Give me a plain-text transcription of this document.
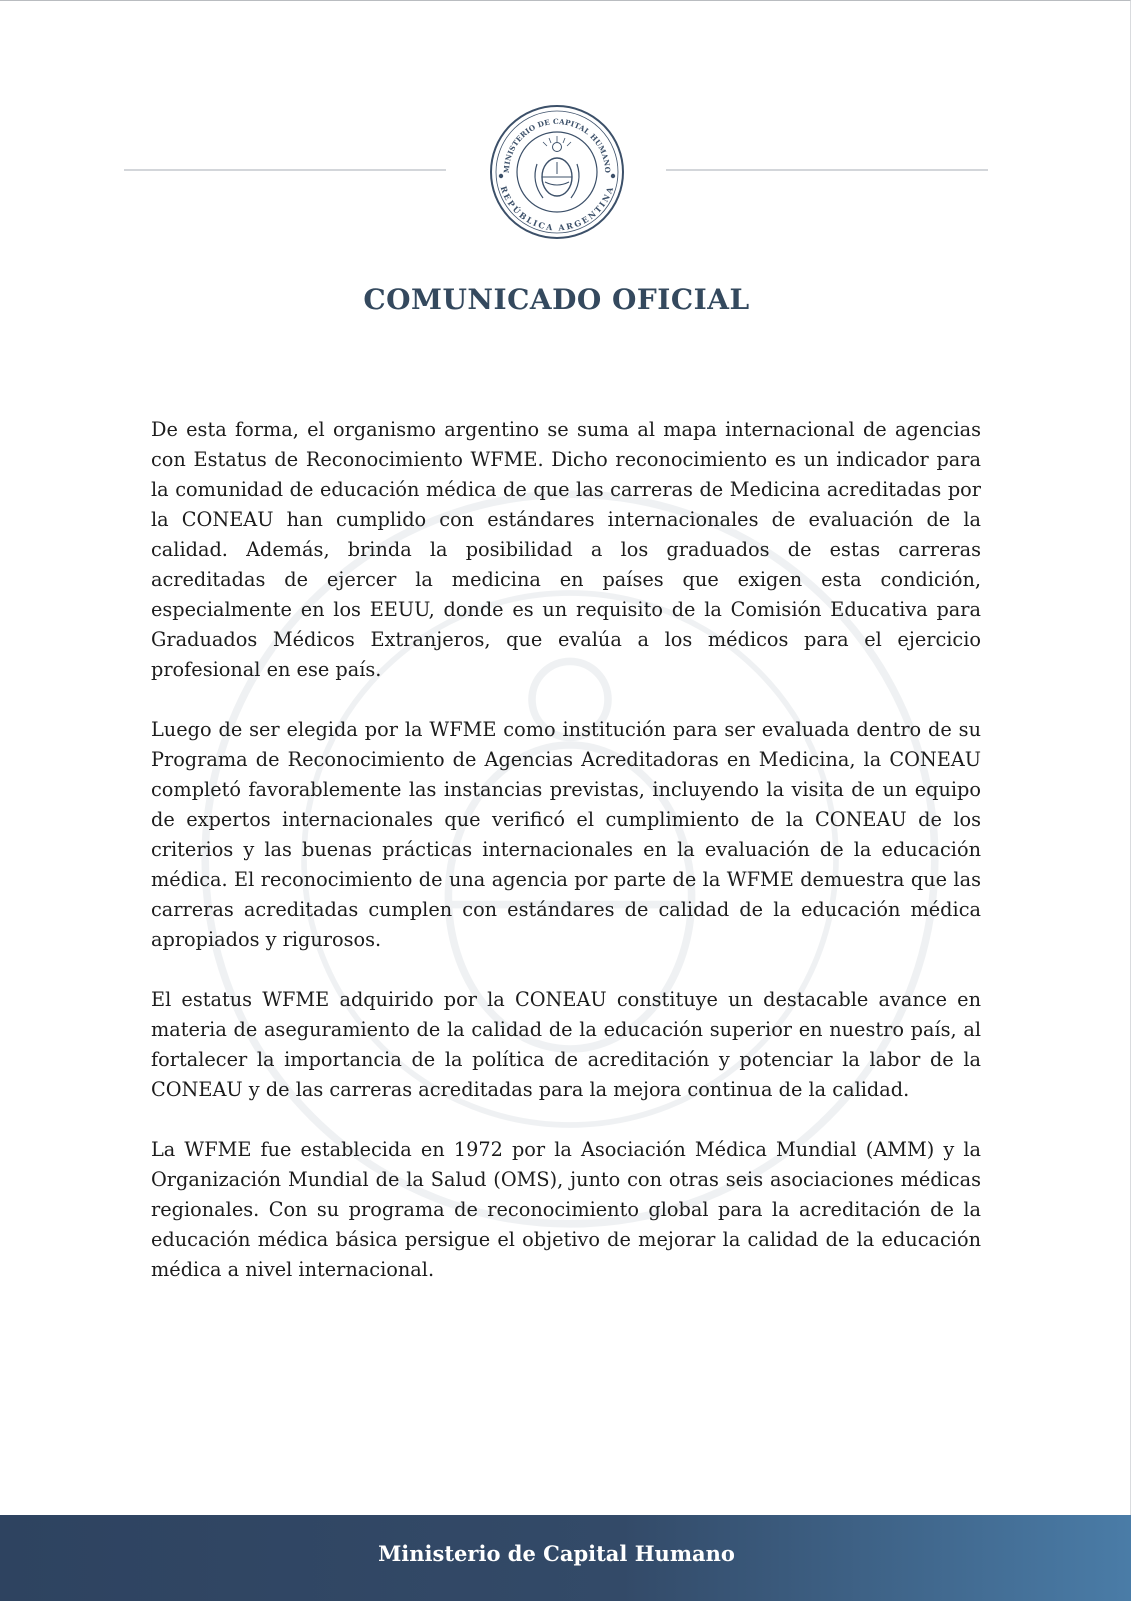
MINISTERIO DE CAPITAL HUMANO
REPÚBLICA ARGENTINA
COMUNICADO OFICIAL

De esta forma, el organismo argentino se suma al mapa internacional de agencias con Estatus de Reconocimiento WFME. Dicho reconocimiento es un indicador para la comunidad de educación médica de que las carreras de Medicina acreditadas por la CONEAU han cumplido con estándares internacionales de evaluación de la calidad. Además, brinda la posibilidad a los graduados de estas carreras acreditadas de ejercer la medicina en países que exigen esta condición, especialmente en los EEUU, donde es un requisito de la Comisión Educativa para Graduados Médicos Extranjeros, que evalúa a los médicos para el ejercicio profesional en ese país.

Luego de ser elegida por la WFME como institución para ser evaluada dentro de su Programa de Reconocimiento de Agencias Acreditadoras en Medicina, la CONEAU completó favorablemente las instancias previstas, incluyendo la visita de un equipo de expertos internacionales que verificó el cumplimiento de la CONEAU de los criterios y las buenas prácticas internacionales en la evaluación de la educación médica. El reconocimiento de una agencia por parte de la WFME demuestra que las carreras acreditadas cumplen con estándares de calidad de la educación médica apropiados y rigurosos.

El estatus WFME adquirido por la CONEAU constituye un destacable avance en materia de aseguramiento de la calidad de la educación superior en nuestro país, al fortalecer la importancia de la política de acreditación y potenciar la labor de la CONEAU y de las carreras acreditadas para la mejora continua de la calidad.

La WFME fue establecida en 1972 por la Asociación Médica Mundial (AMM) y la Organización Mundial de la Salud (OMS), junto con otras seis asociaciones médicas regionales. Con su programa de reconocimiento global para la acreditación de la educación médica básica persigue el objetivo de mejorar la calidad de la educación médica a nivel internacional.

Ministerio de Capital Humano
